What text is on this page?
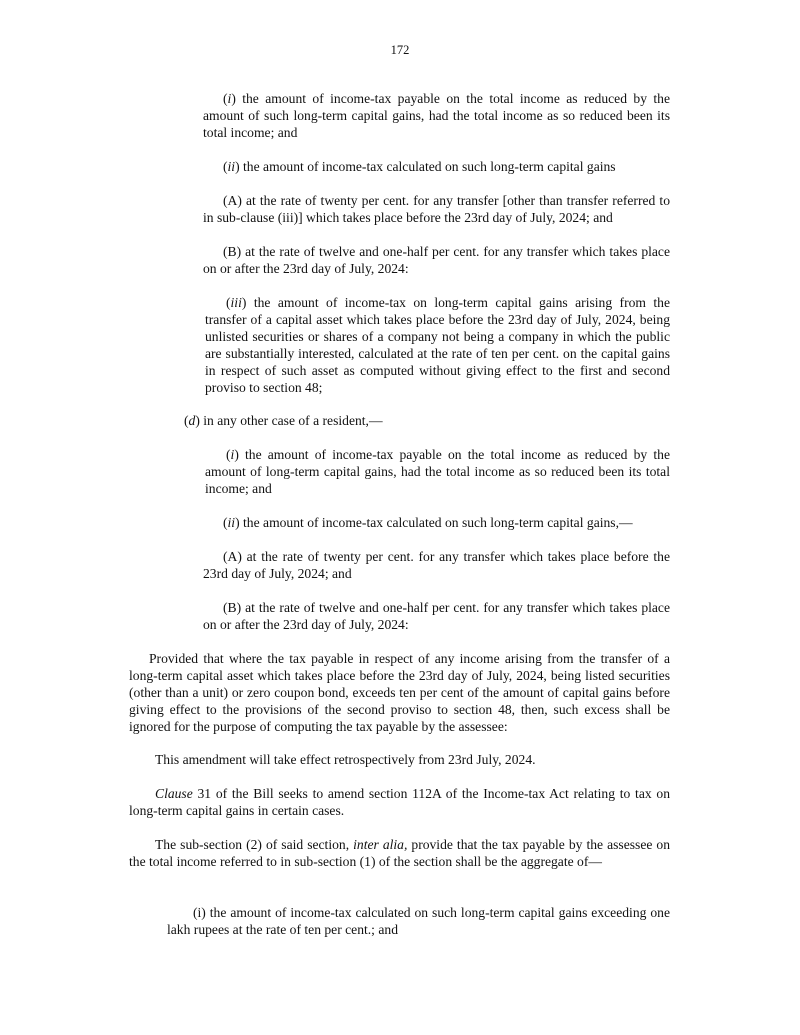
172

(i) the amount of income-tax payable on the total income as reduced by the amount of such long-term capital gains, had the total income as so reduced been its total income; and

(ii) the amount of income-tax calculated on such long-term capital gains

(A) at the rate of twenty per cent. for any transfer [other than transfer referred to in sub-clause (iii)] which takes place before the 23rd day of July, 2024; and

(B) at the rate of twelve and one-half per cent. for any transfer which takes place on or after the 23rd day of July, 2024:

(iii) the amount of income-tax on long-term capital gains arising from the transfer of a capital asset which takes place before the 23rd day of July, 2024, being unlisted securities or shares of a company not being a company in which the public are substantially interested, calculated at the rate of ten per cent. on the capital gains in respect of such asset as computed without giving effect to the first and second proviso to section 48;

(d) in any other case of a resident,—

(i) the amount of income-tax payable on the total income as reduced by the amount of long-term capital gains, had the total income as so reduced been its total income; and

(ii) the amount of income-tax calculated on such long-term capital gains,—

(A) at the rate of twenty per cent. for any transfer which takes place before the 23rd day of July, 2024; and

(B) at the rate of twelve and one-half per cent. for any transfer which takes place on or after the 23rd day of July, 2024:

Provided that where the tax payable in respect of any income arising from the transfer of a long-term capital asset which takes place before the 23rd day of July, 2024, being listed securities (other than a unit) or zero coupon bond, exceeds ten per cent of the amount of capital gains before giving effect to the provisions of the second proviso to section 48, then, such excess shall be ignored for the purpose of computing the tax payable by the assessee:

This amendment will take effect retrospectively from 23rd July, 2024.

Clause 31 of the Bill seeks to amend section 112A of the Income-tax Act relating to tax on long-term capital gains in certain cases.

The sub-section (2) of said section, inter alia, provide that the tax payable by the assessee on the total income referred to in sub-section (1) of the section shall be the aggregate of—

(i) the amount of income-tax calculated on such long-term capital gains exceeding one lakh rupees at the rate of ten per cent.; and
